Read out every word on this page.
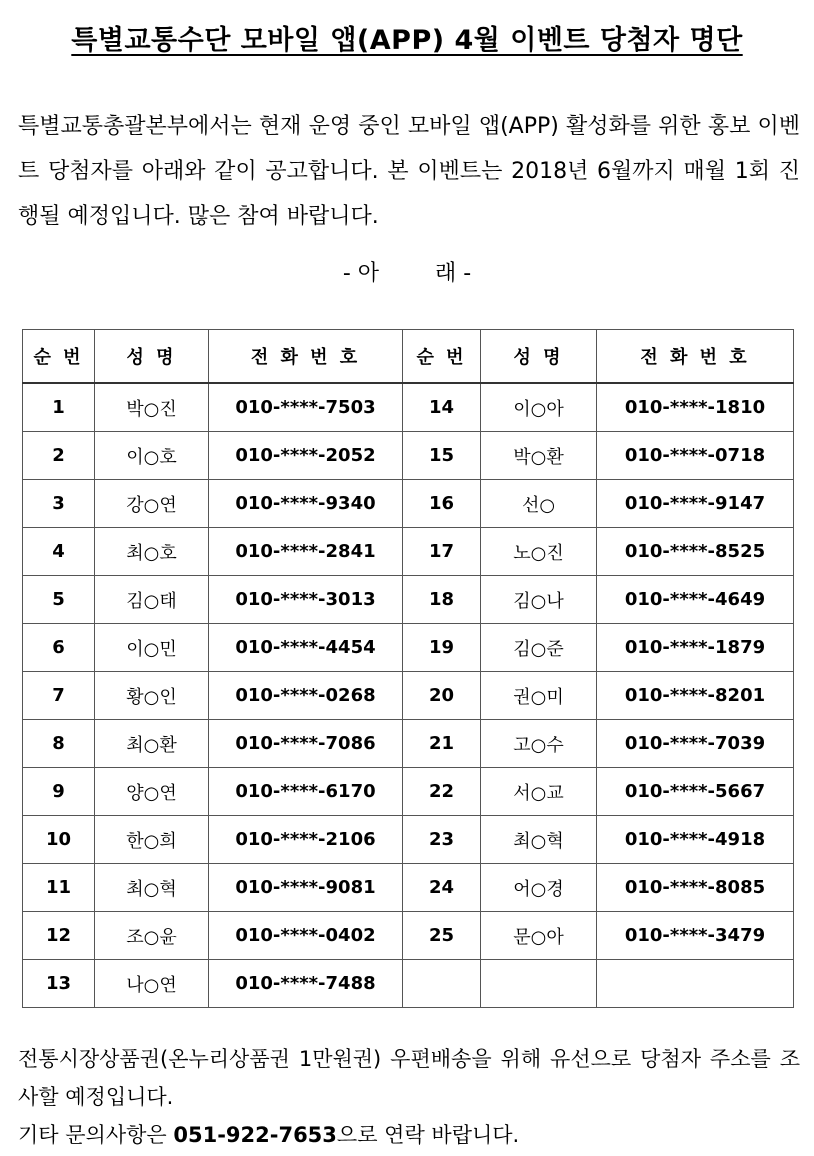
특별교통수단 모바일 앱(APP) 4월 이벤트 당첨자 명단
특별교통총괄본부에서는 현재 운영 중인 모바일 앱(APP) 활성화를 위한 홍보 이벤트 당첨자를 아래와 같이 공고합니다. 본 이벤트는 2018년 6월까지 매월 1회 진행될 예정입니다. 많은 참여 바랍니다.
- 아        래 -
순 번	성 명	전 화 번 호	순 번	성 명	전 화 번 호
1	박○진	010-****-7503	14	이○아	010-****-1810
2	이○호	010-****-2052	15	박○환	010-****-0718
3	강○연	010-****-9340	16	선○	010-****-9147
4	최○호	010-****-2841	17	노○진	010-****-8525
5	김○태	010-****-3013	18	김○나	010-****-4649
6	이○민	010-****-4454	19	김○준	010-****-1879
7	황○인	010-****-0268	20	권○미	010-****-8201
8	최○환	010-****-7086	21	고○수	010-****-7039
9	양○연	010-****-6170	22	서○교	010-****-5667
10	한○희	010-****-2106	23	최○혁	010-****-4918
11	최○혁	010-****-9081	24	어○경	010-****-8085
12	조○윤	010-****-0402	25	문○아	010-****-3479
13	나○연	010-****-7488			

전통시장상품권(온누리상품권 1만원권) 우편배송을 위해 유선으로 당첨자 주소를 조사할 예정입니다.

기타 문의사항은 051-922-7653으로 연락 바랍니다.
